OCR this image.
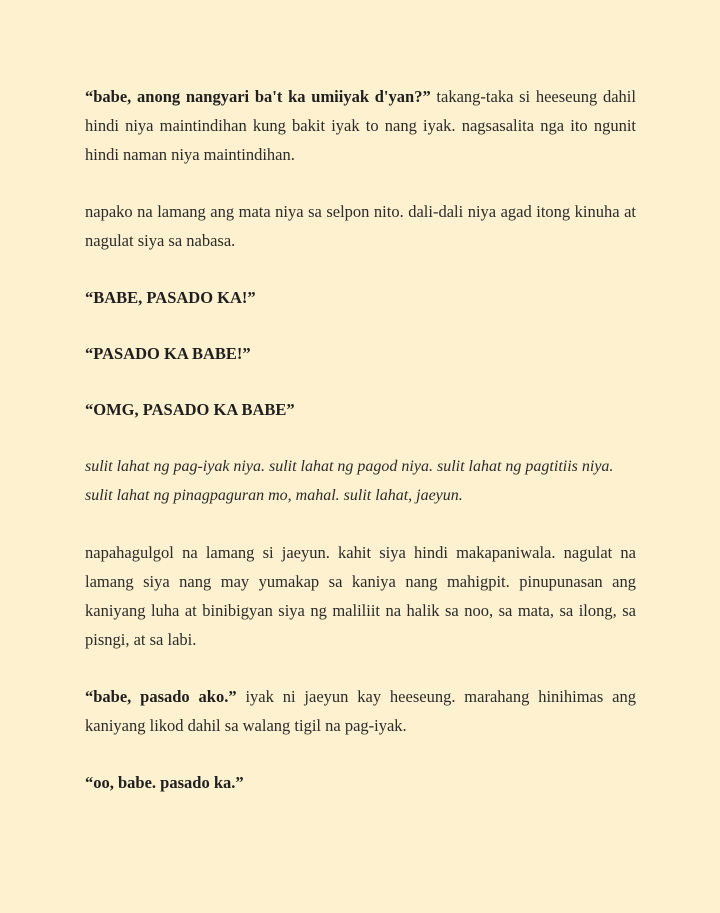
“babe, anong nangyari ba't ka umiiyak d'yan?” takang-taka si heeseung dahil hindi niya maintindihan kung bakit iyak to nang iyak. nagsasalita nga ito ngunit hindi naman niya maintindihan.

napako na lamang ang mata niya sa selpon nito. dali-dali niya agad itong kinuha at nagulat siya sa nabasa.

“BABE, PASADO KA!”

“PASADO KA BABE!”

“OMG, PASADO KA BABE”

sulit lahat ng pag-iyak niya. sulit lahat ng pagod niya. sulit lahat ng pagtitiis niya.
sulit lahat ng pinagpaguran mo, mahal. sulit lahat, jaeyun.

napahagulgol na lamang si jaeyun. kahit siya hindi makapaniwala. nagulat na lamang siya nang may yumakap sa kaniya nang mahigpit. pinupunasan ang kaniyang luha at binibigyan siya ng maliliit na halik sa noo, sa mata, sa ilong, sa pisngi, at sa labi.

“babe, pasado ako.” iyak ni jaeyun kay heeseung. marahang hinihimas ang kaniyang likod dahil sa walang tigil na pag-iyak.

“oo, babe. pasado ka.”
